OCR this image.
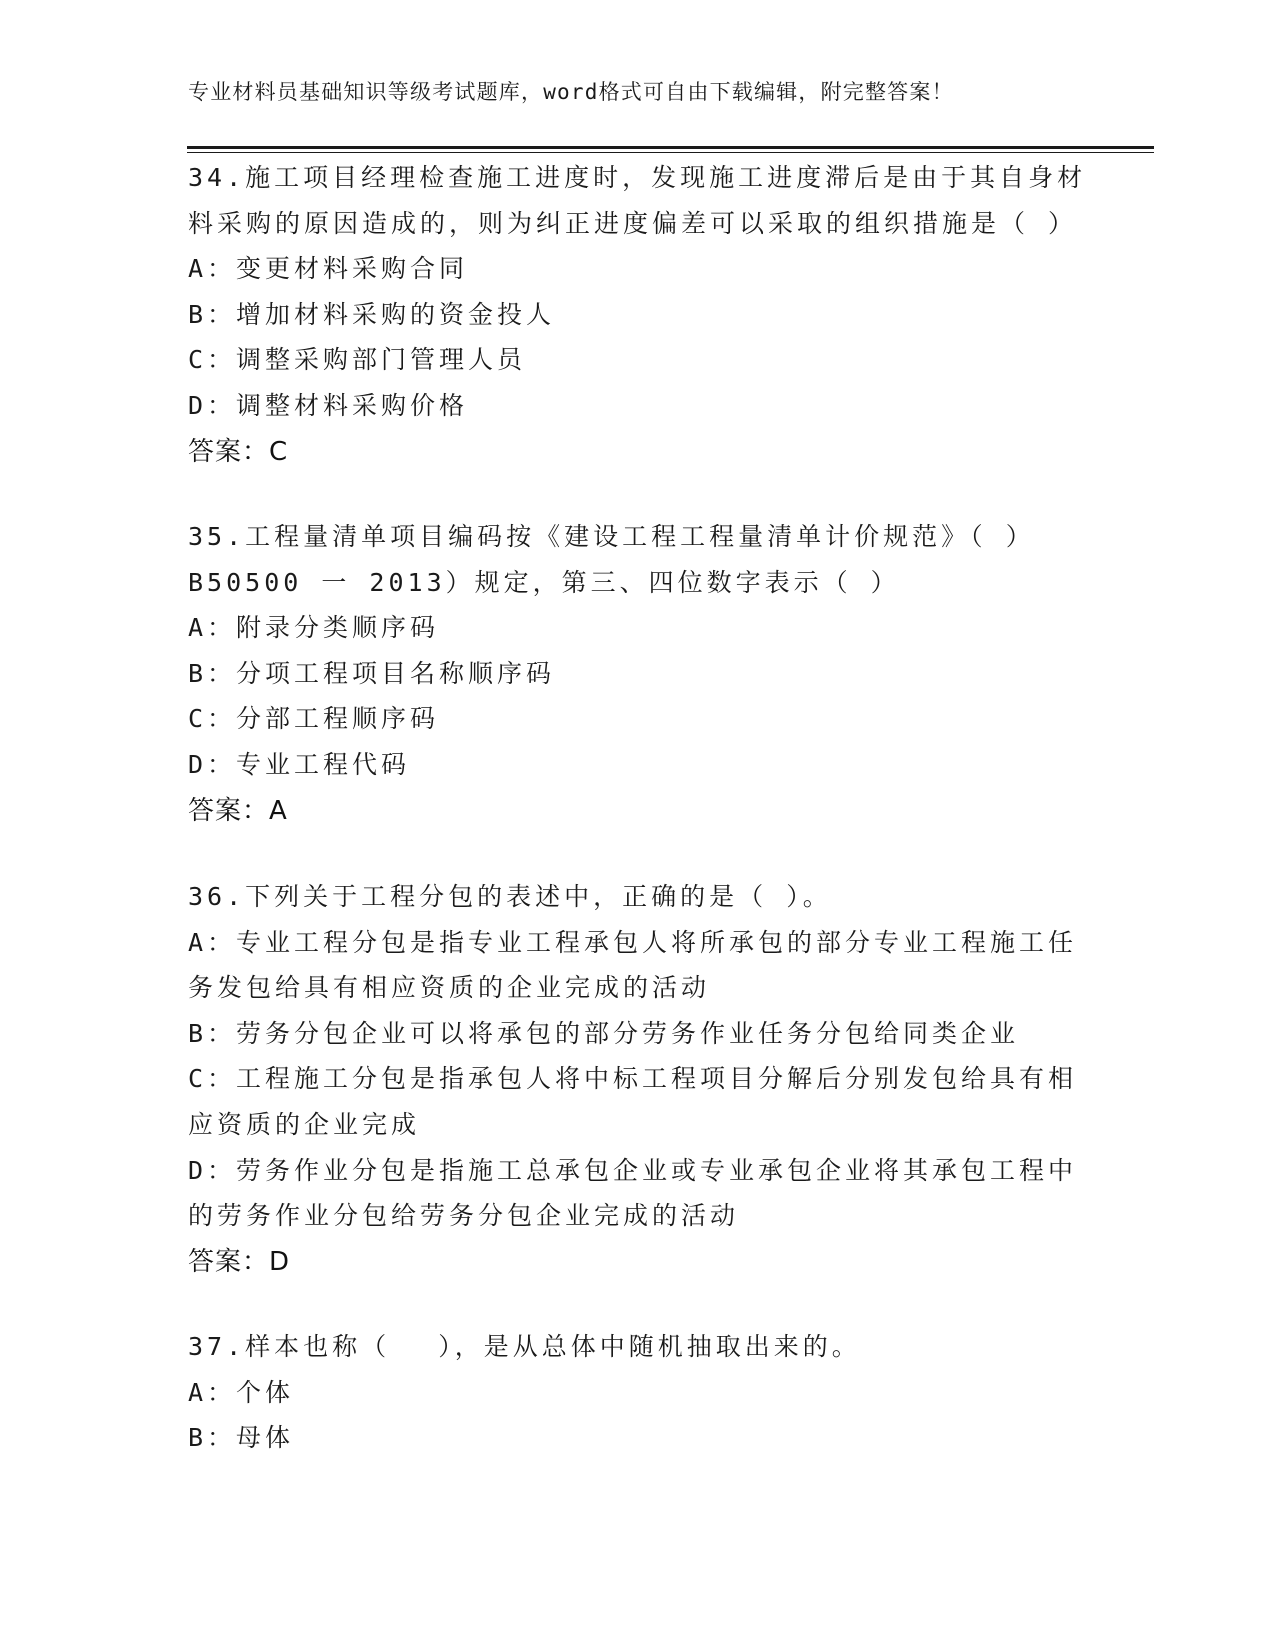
专业材料员基础知识等级考试题库，word格式可自由下载编辑，附完整答案！
34.施工项目经理检查施工进度时，发现施工进度滞后是由于其自身材
料采购的原因造成的，则为纠正进度偏差可以采取的组织措施是（ ）
A：变更材料采购合同
B：增加材料采购的资金投人
C：调整采购部门管理人员
D：调整材料采购价格
答案：C
35.工程量清单项目编码按《建设工程工程量清单计价规范》（ ）
B50500 一 2013）规定，第三、四位数字表示（ ）
A：附录分类顺序码
B：分项工程项目名称顺序码
C：分部工程顺序码
D：专业工程代码
答案：A
36.下列关于工程分包的表述中，正确的是（ ）。
A：专业工程分包是指专业工程承包人将所承包的部分专业工程施工任
务发包给具有相应资质的企业完成的活动
B：劳务分包企业可以将承包的部分劳务作业任务分包给同类企业
C：工程施工分包是指承包人将中标工程项目分解后分别发包给具有相
应资质的企业完成
D：劳务作业分包是指施工总承包企业或专业承包企业将其承包工程中
的劳务作业分包给劳务分包企业完成的活动
答案：D
37.样本也称（　 ），是从总体中随机抽取出来的。
A：个体
B：母体
